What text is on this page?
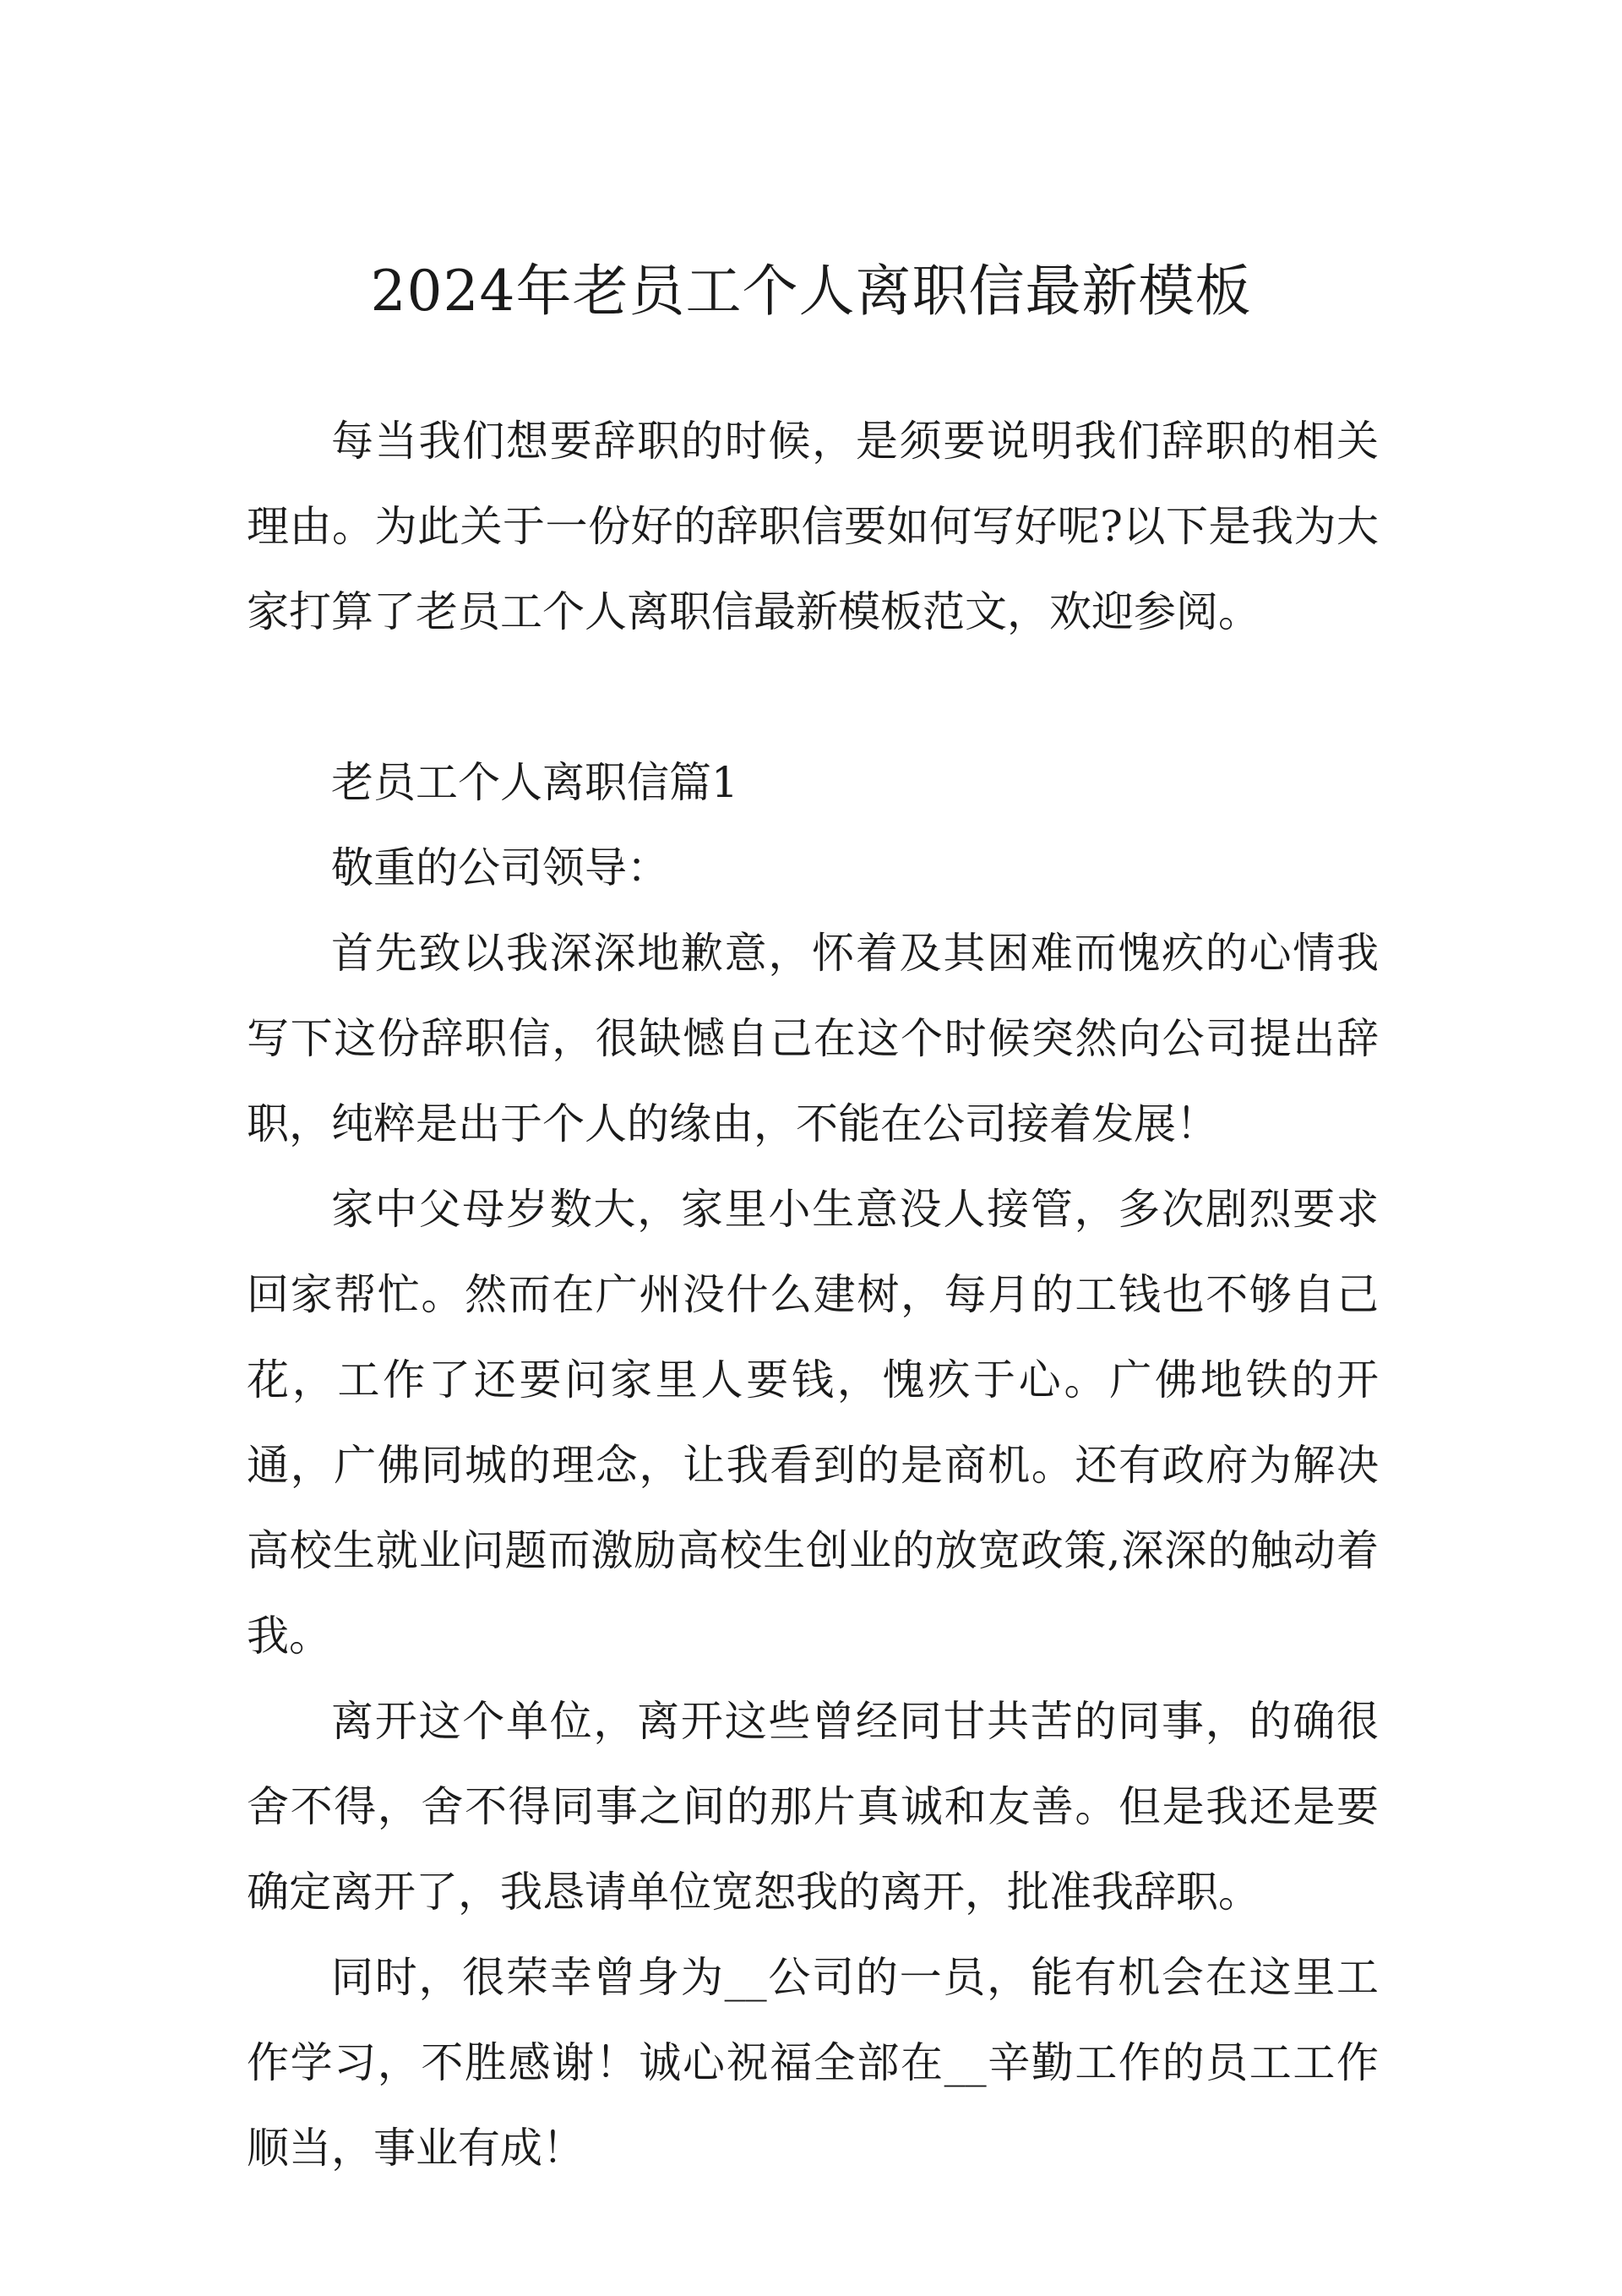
2024年老员工个人离职信最新模板

每当我们想要辞职的时候，是须要说明我们辞职的相关理由。为此关于一份好的辞职信要如何写好呢?以下是我为大家打算了老员工个人离职信最新模板范文，欢迎参阅。

老员工个人离职信篇1

敬重的公司领导：

首先致以我深深地歉意，怀着及其困难而愧疚的心情我写下这份辞职信，很缺憾自己在这个时候突然向公司提出辞职，纯粹是出于个人的缘由，不能在公司接着发展！

家中父母岁数大，家里小生意没人接管，多次剧烈要求回家帮忙。然而在广州没什么建树，每月的工钱也不够自己花，工作了还要问家里人要钱，愧疚于心。广佛地铁的开通，广佛同城的理念，让我看到的是商机。还有政府为解决高校生就业问题而激励高校生创业的放宽政策,深深的触动着我。

离开这个单位，离开这些曾经同甘共苦的同事，的确很舍不得，舍不得同事之间的那片真诚和友善。但是我还是要确定离开了，我恳请单位宽恕我的离开，批准我辞职。

同时，很荣幸曾身为__公司的一员，能有机会在这里工作学习，不胜感谢！诚心祝福全部在__辛勤工作的员工工作顺当，事业有成！
